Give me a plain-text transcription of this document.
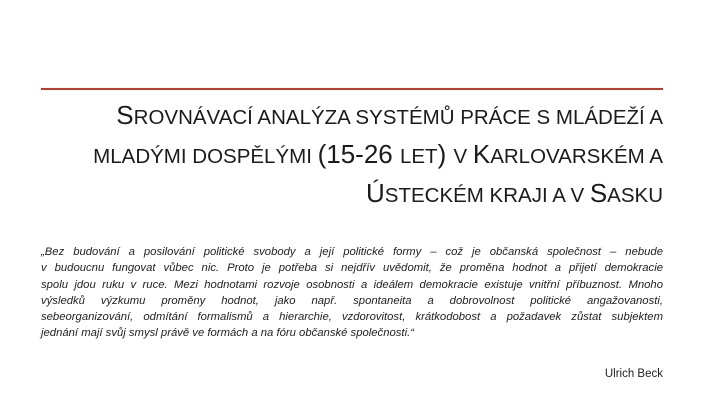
SROVNÁVACÍ ANALÝZA SYSTÉMŮ PRÁCE S MLÁDEŽÍ A
MLADÝMI DOSPĚLÝMI (15-26 LET) V KARLOVARSKÉM A
ÚSTECKÉM KRAJI A V SASKU
„Bez budování a posilování politické svobody a její politické formy – což je občanská společnost – nebude
v budoucnu fungovat vůbec nic. Proto je potřeba si nejdřív uvědomit, že proměna hodnot a přijetí demokracie
spolu jdou ruku v ruce. Mezi hodnotami rozvoje osobnosti a ideálem demokracie existuje vnitřní příbuznost. Mnoho
výsledků výzkumu proměny hodnot, jako např. spontaneita a dobrovolnost politické angažovanosti,
sebeorganizování, odmítání formalismů a hierarchie, vzdorovitost, krátkodobost a požadavek zůstat subjektem
jednání mají svůj smysl právě ve formách a na fóru občanské společnosti.“
Ulrich Beck
